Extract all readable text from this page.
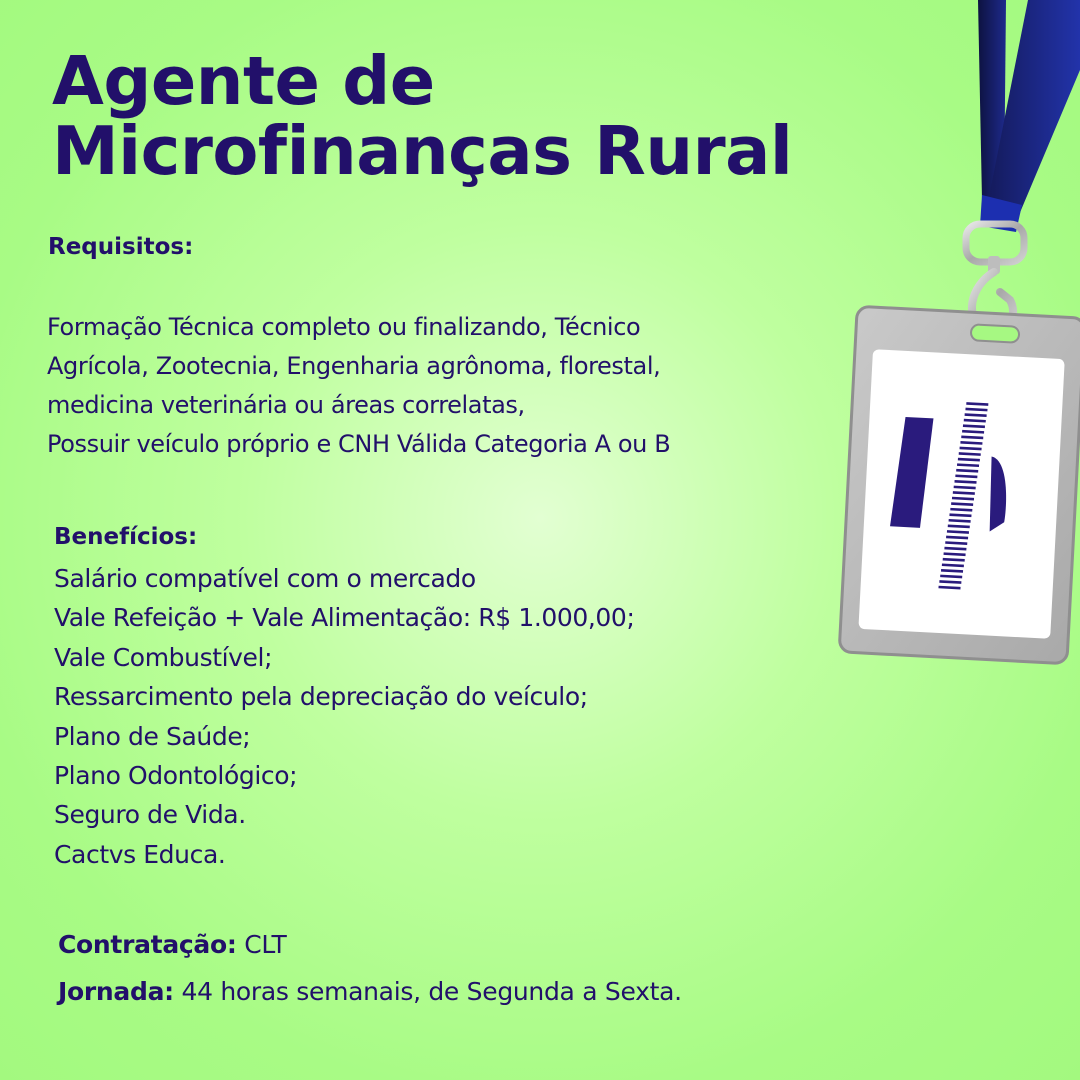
Agente de
Microfinanças Rural
Requisitos:

Formação Técnica completo ou finalizando, Técnico
Agrícola, Zootecnia, Engenharia agrônoma, florestal,
medicina veterinária ou áreas correlatas,
Possuir veículo próprio e CNH Válida Categoria A ou B

Benefícios:
Salário compatível com o mercado
Vale Refeição + Vale Alimentação: R$ 1.000,00;
Vale Combustível;
Ressarcimento pela depreciação do veículo;
Plano de Saúde;
Plano Odontológico;
Seguro de Vida.
Cactvs Educa.

Contratação: CLT

Jornada: 44 horas semanais, de Segunda a Sexta.
